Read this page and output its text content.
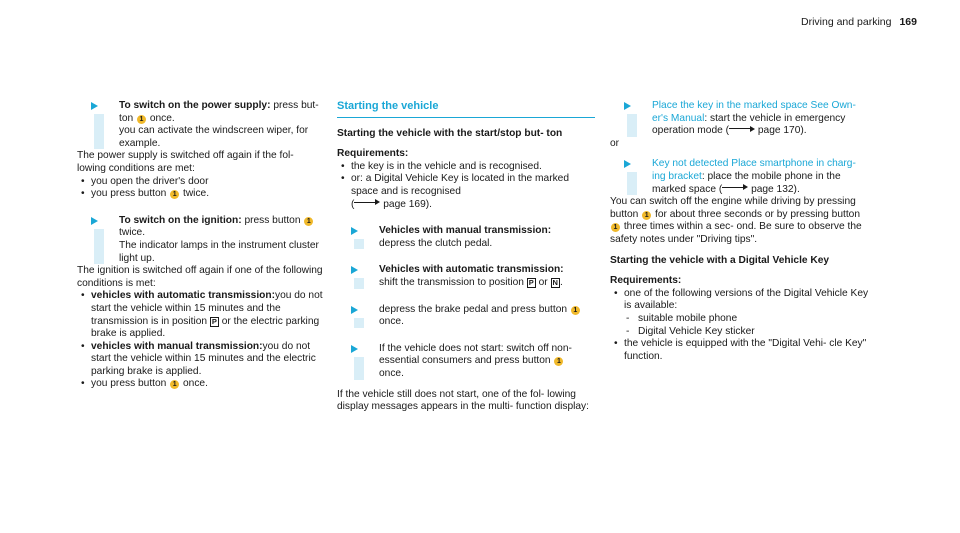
Driving and parking 169
To switch on the power supply: press but-
ton 1 once.
you can activate the windscreen wiper, for
example.

The power supply is switched off again if the fol- lowing conditions are met:

• you open the driver's door
• you press button 1 twice.
To switch on the ignition: press button 1
twice.
The indicator lamps in the instrument cluster light up.

The ignition is switched off again if one of the following conditions is met:

• vehicles with automatic transmission:you do not start the vehicle within 15 minutes and the transmission is in position P or the electric parking brake is applied.
• vehicles with manual transmission:you do not start the vehicle within 15 minutes and the electric parking brake is applied.
• you press button 1 once.
Starting the vehicle
Starting the vehicle with the start/stop but- ton
Requirements:
• the key is in the vehicle and is recognised.
• or: a Digital Vehicle Key is located in the marked space and is recognised
(	page 169).
Vehicles with manual transmission:
depress the clutch pedal.
Vehicles with automatic transmission:
shift the transmission to position P or N .
depress the brake pedal and press button 1
once.
If the vehicle does not start: switch off non- essential consumers and press button 1
once.

If the vehicle still does not start, one of the fol- lowing display messages appears in the multi- function display:

Place the key in the marked space See Own- er's Manual: start the vehicle in emergency operation mode (	page 170).
or
Key not detected Place smartphone in charg- ing bracket: place the mobile phone in the marked space (	page 132).

You can switch off the engine while driving by pressing button 1 for about three seconds or by pressing button 1 three times within a sec- ond. Be sure to observe the safety notes under "Driving tips".

Starting the vehicle with a Digital Vehicle Key
Requirements:
• one of the following versions of the Digital Vehicle Key is available:
- suitable mobile phone
- Digital Vehicle Key sticker
• the vehicle is equipped with the "Digital Vehi- cle Key" function.
